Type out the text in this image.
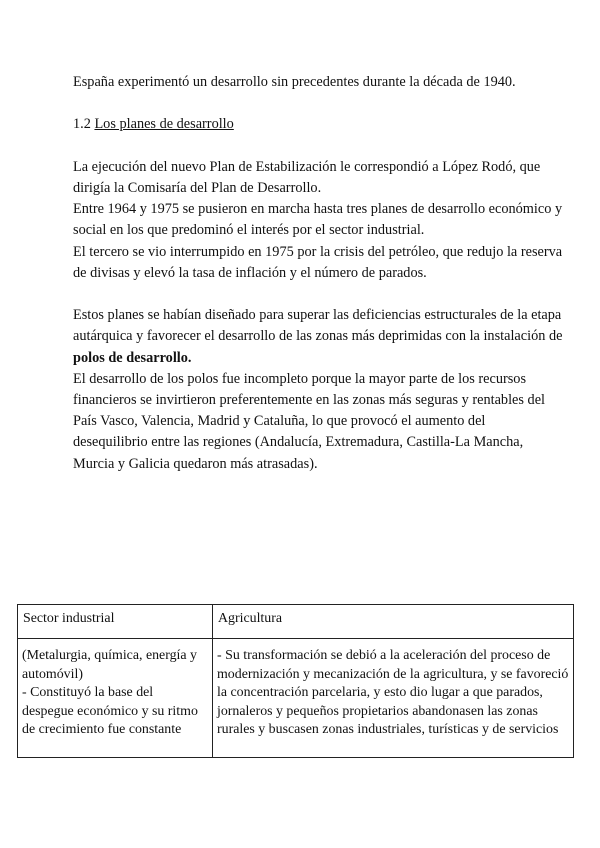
España experimentó un desarrollo sin precedentes durante la década de 1940.

1.2 Los planes de desarrollo

La ejecución del nuevo Plan de Estabilización le correspondió a López Rodó, que dirigía la Comisaría del Plan de Desarrollo.

Entre 1964 y 1975 se pusieron en marcha hasta tres planes de desarrollo económico y social en los que predominó el interés por el sector industrial.

El tercero se vio interrumpido en 1975 por la crisis del petróleo, que redujo la reserva de divisas y elevó la tasa de inflación y el número de parados.

Estos planes se habían diseñado para superar las deficiencias estructurales de la etapa autárquica y favorecer el desarrollo de las zonas más deprimidas con la instalación de polos de desarrollo.

El desarrollo de los polos fue incompleto porque la mayor parte de los recursos financieros se invirtieron preferentemente en las zonas más seguras y rentables del País Vasco, Valencia, Madrid y Cataluña, lo que provocó el aumento del desequilibrio entre las regiones (Andalucía, Extremadura, Castilla-La Mancha, Murcia y Galicia quedaron más atrasadas).

Sector industrial	Agricultura

(Metalurgia, química, energía y automóvil)
- Constituyó la base del despegue económico y su ritmo de crecimiento fue constante	- Su transformación se debió a la aceleración del proceso de modernización y mecanización de la agricultura, y se favoreció la concentración parcelaria, y esto dio lugar a que parados, jornaleros y pequeños propietarios abandonasen las zonas rurales y buscasen zonas industriales, turísticas y de servicios
